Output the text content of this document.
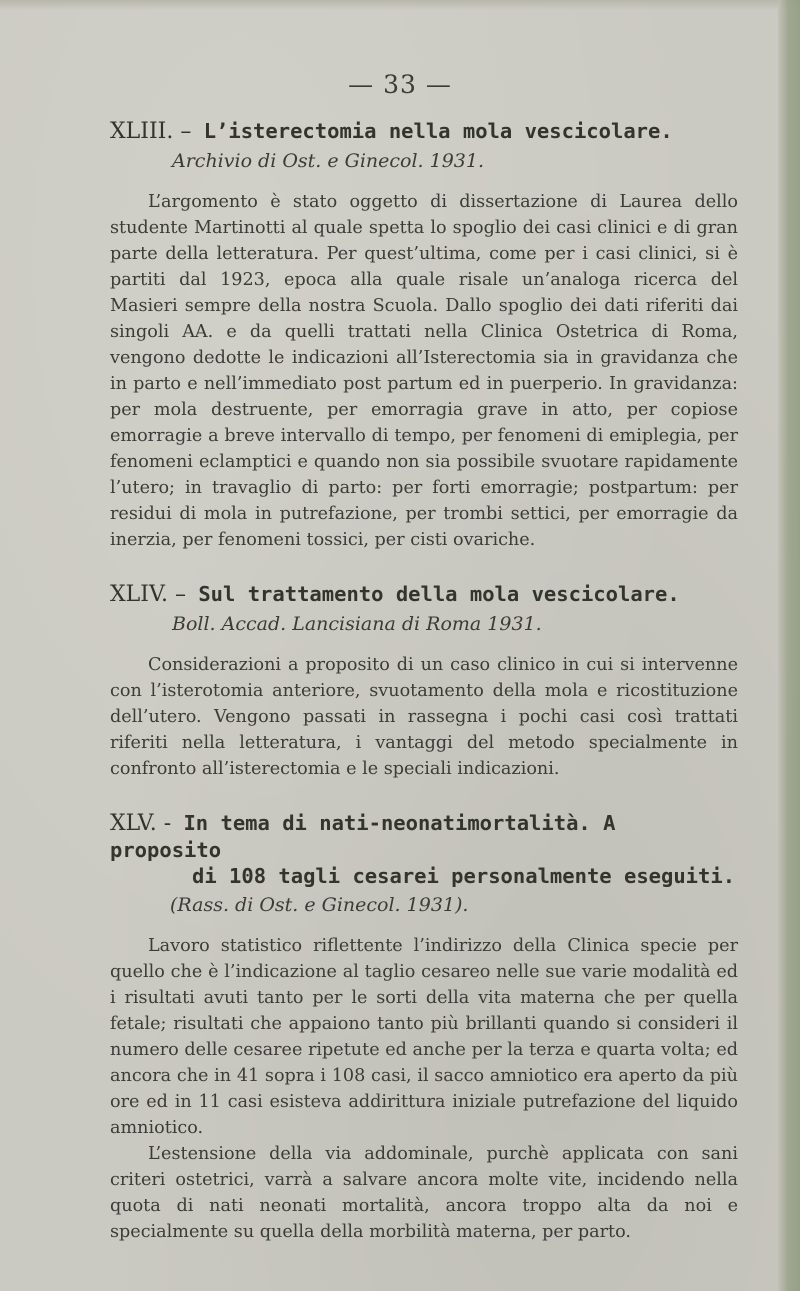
— 33 —
XLIII. – L’isterectomia nella mola vescicolare.
Archivio di Ost. e Ginecol. 1931.

L’argomento è stato oggetto di dissertazione di Laurea dello studente Martinotti al quale spetta lo spoglio dei casi clinici e di gran parte della letteratura. Per quest’ultima, come per i casi clinici, si è partiti dal 1923, epoca alla quale risale un’analoga ricerca del Masieri sempre della nostra Scuola. Dallo spoglio dei dati riferiti dai singoli AA. e da quelli trattati nella Clinica Ostetrica di Roma, vengono dedotte le indicazioni all’Isterectomia sia in gravidanza che in parto e nell’immediato post partum ed in puerperio. In gravidanza: per mola destruente, per emorragia grave in atto, per copiose emorragie a breve intervallo di tempo, per fenomeni di emiplegia, per fenomeni eclamptici e quando non sia possibile svuotare rapidamente l’utero; in travaglio di parto: per forti emorragie; postpartum: per residui di mola in putrefazione, per trombi settici, per emorragie da inerzia, per fenomeni tossici, per cisti ovariche.

XLIV. – Sul trattamento della mola vescicolare.
Boll. Accad. Lancisiana di Roma 1931.

Considerazioni a proposito di un caso clinico in cui si intervenne con l’isterotomia anteriore, svuotamento della mola e ricostituzione dell’utero. Vengono passati in rassegna i pochi casi così trattati riferiti nella letteratura, i vantaggi del metodo specialmente in confronto all’isterectomia e le speciali indicazioni.

XLV. - In tema di nati-neonatimortalità. A proposito
di 108 tagli cesarei personalmente eseguiti.
(Rass. di Ost. e Ginecol. 1931).

Lavoro statistico riflettente l’indirizzo della Clinica specie per quello che è l’indicazione al taglio cesareo nelle sue varie modalità ed i risultati avuti tanto per le sorti della vita materna che per quella fetale; risultati che appaiono tanto più brillanti quando si consideri il numero delle cesaree ripetute ed anche per la terza e quarta volta; ed ancora che in 41 sopra i 108 casi, il sacco amniotico era aperto da più ore ed in 11 casi esisteva addirittura iniziale putrefazione del liquido amniotico.

L’estensione della via addominale, purchè applicata con sani criteri ostetrici, varrà a salvare ancora molte vite, incidendo nella quota di nati neonati mortalità, ancora troppo alta da noi e specialmente su quella della morbilità materna, per parto.
